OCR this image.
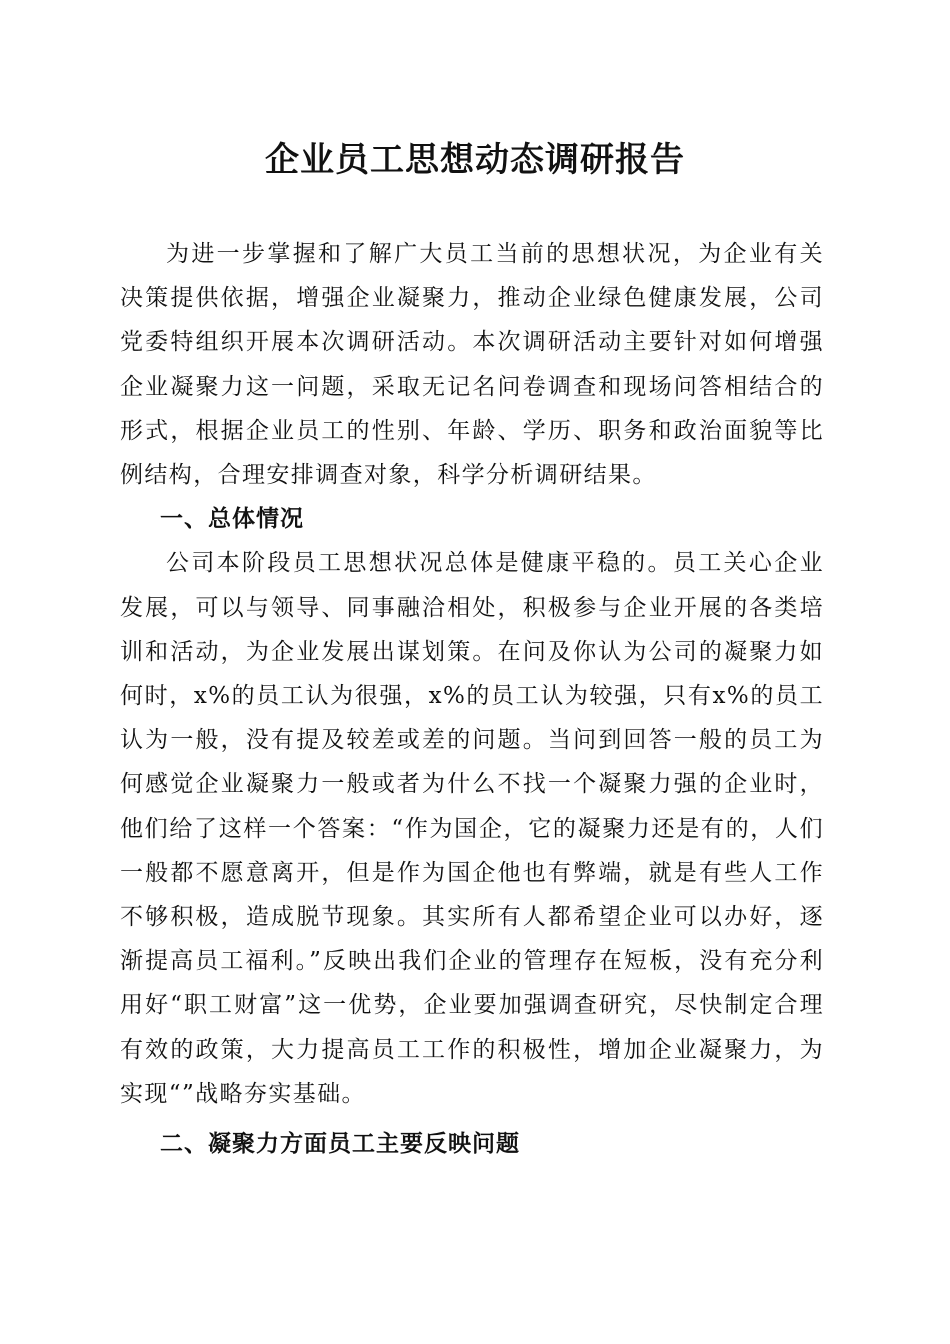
企业员工思想动态调研报告

为进一步掌握和了解广大员工当前的思想状况，为企业有关决策提供依据，增强企业凝聚力，推动企业绿色健康发展，公司党委特组织开展本次调研活动。本次调研活动主要针对如何增强企业凝聚力这一问题，采取无记名问卷调查和现场问答相结合的形式，根据企业员工的性别、年龄、学历、职务和政治面貌等比例结构，合理安排调查对象，科学分析调研结果。

一、总体情况

公司本阶段员工思想状况总体是健康平稳的。员工关心企业发展，可以与领导、同事融洽相处，积极参与企业开展的各类培训和活动，为企业发展出谋划策。在问及你认为公司的凝聚力如何时，x%的员工认为很强，x%的员工认为较强，只有x%的员工认为一般，没有提及较差或差的问题。当问到回答一般的员工为何感觉企业凝聚力一般或者为什么不找一个凝聚力强的企业时，他们给了这样一个答案：“作为国企，它的凝聚力还是有的，人们一般都不愿意离开，但是作为国企他也有弊端，就是有些人工作不够积极，造成脱节现象。其实所有人都希望企业可以办好，逐渐提高员工福利。”反映出我们企业的管理存在短板，没有充分利用好“职工财富”这一优势，企业要加强调查研究，尽快制定合理有效的政策，大力提高员工工作的积极性，增加企业凝聚力，为实现“”战略夯实基础。

二、凝聚力方面员工主要反映问题
